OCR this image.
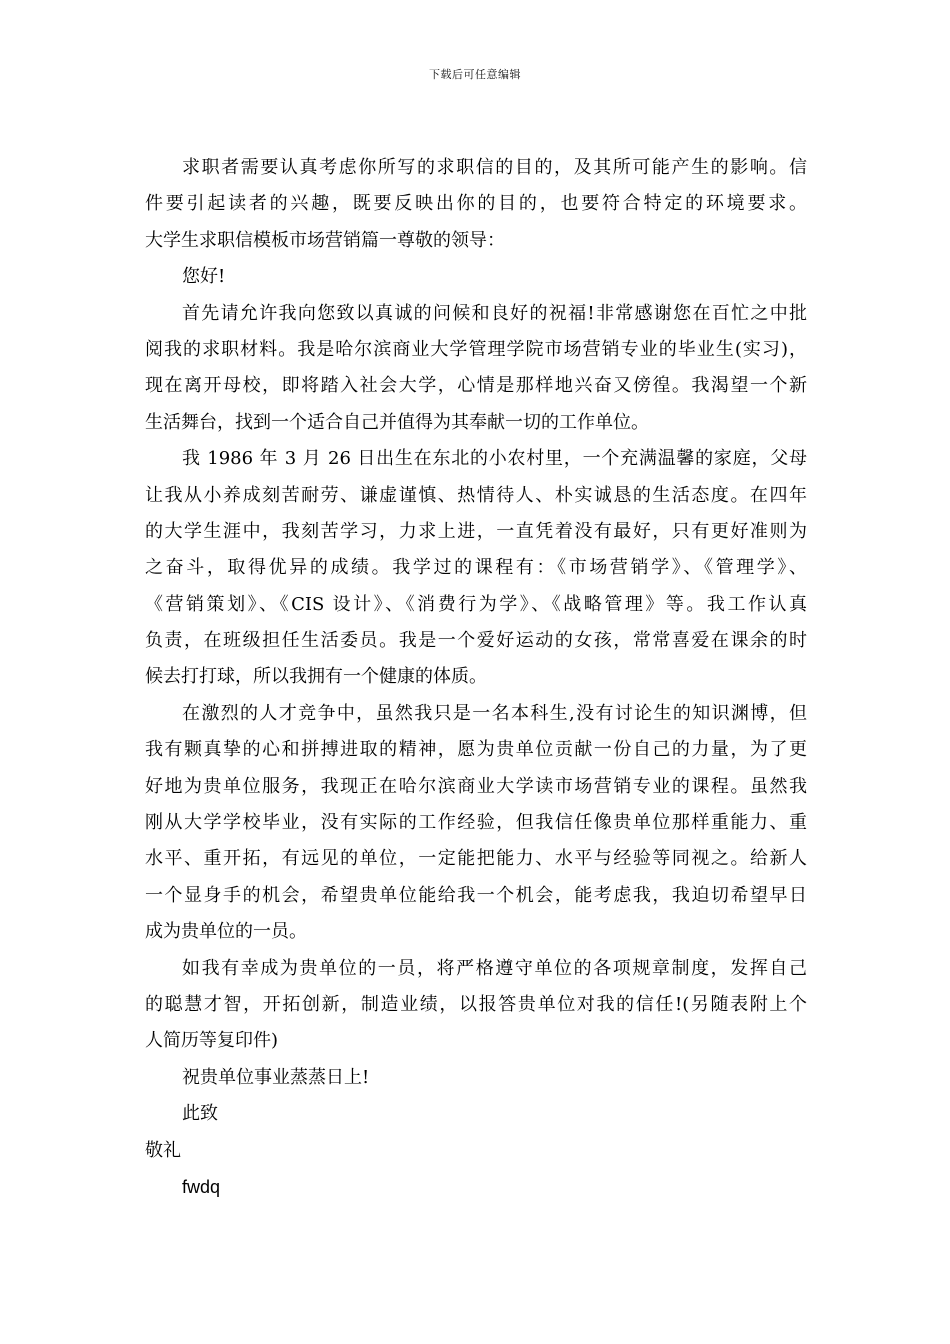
下载后可任意编辑
求职者需要认真考虑你所写的求职信的目的，及其所可能产生的影响。信
件要引起读者的兴趣，既要反映出你的目的，也要符合特定的环境要求。
大学生求职信模板市场营销篇一尊敬的领导：
您好!
首先请允许我向您致以真诚的问候和良好的祝福!非常感谢您在百忙之中批
阅我的求职材料。我是哈尔滨商业大学管理学院市场营销专业的毕业生(实习)，
现在离开母校，即将踏入社会大学，心情是那样地兴奋又傍徨。我渴望一个新
生活舞台，找到一个适合自己并值得为其奉献一切的工作单位。
我 1986 年 3 月 26 日出生在东北的小农村里，一个充满温馨的家庭，父母
让我从小养成刻苦耐劳、谦虚谨慎、热情待人、朴实诚恳的生活态度。在四年
的大学生涯中，我刻苦学习，力求上进，一直凭着没有最好，只有更好准则为
之奋斗，取得优异的成绩。我学过的课程有：《市场营销学》、《管理学》、
《营销策划》、《CIS 设计》、《消费行为学》、《战略管理》等。我工作认真
负责，在班级担任生活委员。我是一个爱好运动的女孩，常常喜爱在课余的时
候去打打球，所以我拥有一个健康的体质。
在激烈的人才竞争中，虽然我只是一名本科生,没有讨论生的知识渊博，但
我有颗真挚的心和拼搏进取的精神，愿为贵单位贡献一份自己的力量，为了更
好地为贵单位服务，我现正在哈尔滨商业大学读市场营销专业的课程。虽然我
刚从大学学校毕业，没有实际的工作经验，但我信任像贵单位那样重能力、重
水平、重开拓，有远见的单位，一定能把能力、水平与经验等同视之。给新人
一个显身手的机会，希望贵单位能给我一个机会，能考虑我，我迫切希望早日
成为贵单位的一员。
如我有幸成为贵单位的一员，将严格遵守单位的各项规章制度，发挥自己
的聪慧才智，开拓创新，制造业绩，以报答贵单位对我的信任!(另随表附上个
人简历等复印件)
祝贵单位事业蒸蒸日上!
此致
敬礼
fwdq
